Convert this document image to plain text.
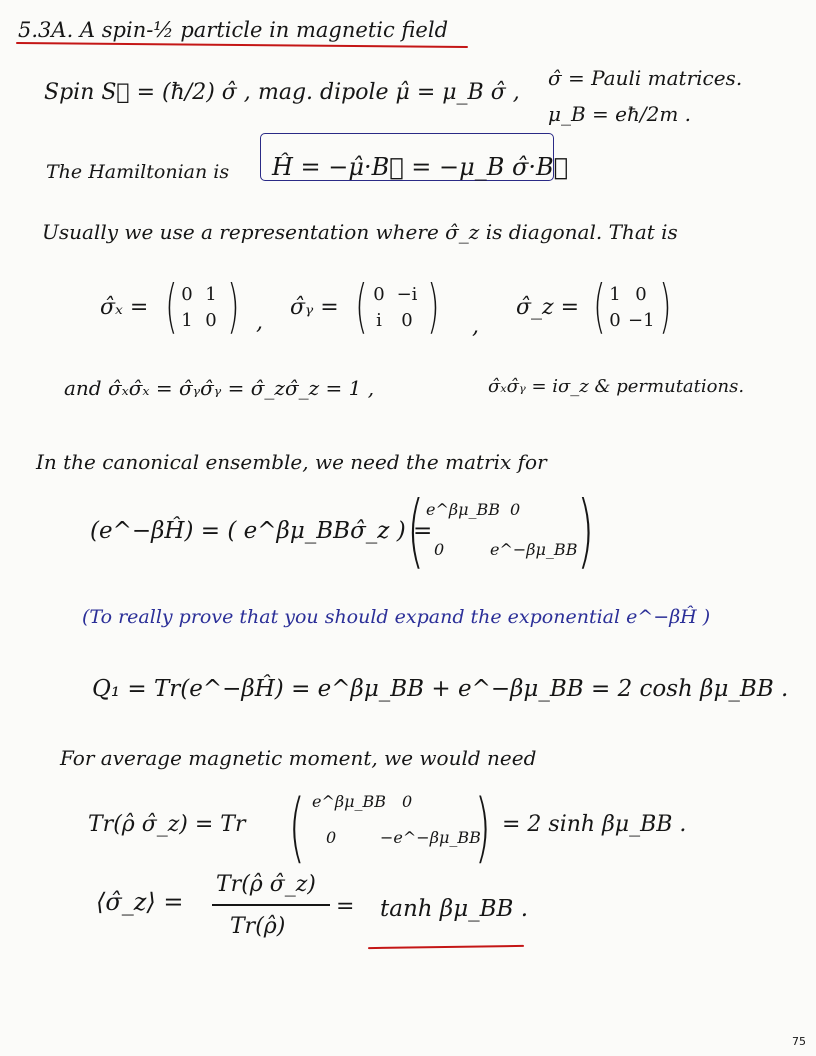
5.3A. A spin-½ particle in magnetic field
Spin S⃗ = (ħ/2) σ̂ , mag. dipole μ̂ = μ_B σ̂ ,
σ̂ = Pauli matrices.
μ_B = eħ/2m .
The Hamiltonian is Ĥ = −μ̂·B⃗ = −μ_B σ̂·B⃗
Usually we use a representation where σ̂_z is diagonal. That is
σ̂ₓ = ( 0 1
1 0 ) ,
σ̂ᵧ = ( 0 −i
i	0 ) ,
σ̂_z = ( 1 0
0 −1 )
and σ̂ₓσ̂ₓ = σ̂ᵧσ̂ᵧ = σ̂_zσ̂_z = 1 ,	σ̂ₓσ̂ᵧ = iσ_z & permutations.
In the canonical ensemble, we need the matrix for
(e^−βĤ) = ( e^βμ_BBσ̂_z ) =
( e^βμ_BB 0
0	e^−βμ_BB )
(To really prove that you should expand the exponential e^−βĤ )
Q₁ = Tr(e^−βĤ) = e^βμ_BB + e^−βμ_BB = 2 cosh βμ_BB .
For average magnetic moment, we would need
Tr(ρ̂ σ̂_z) = Tr ( e^βμ_BB 0
0	−e^−βμ_BB
) = 2 sinh βμ_BB .
⟨σ̂_z⟩ =
Tr(ρ̂ σ̂_z)
Tr(ρ̂)
= tanh βμ_BB .
75
